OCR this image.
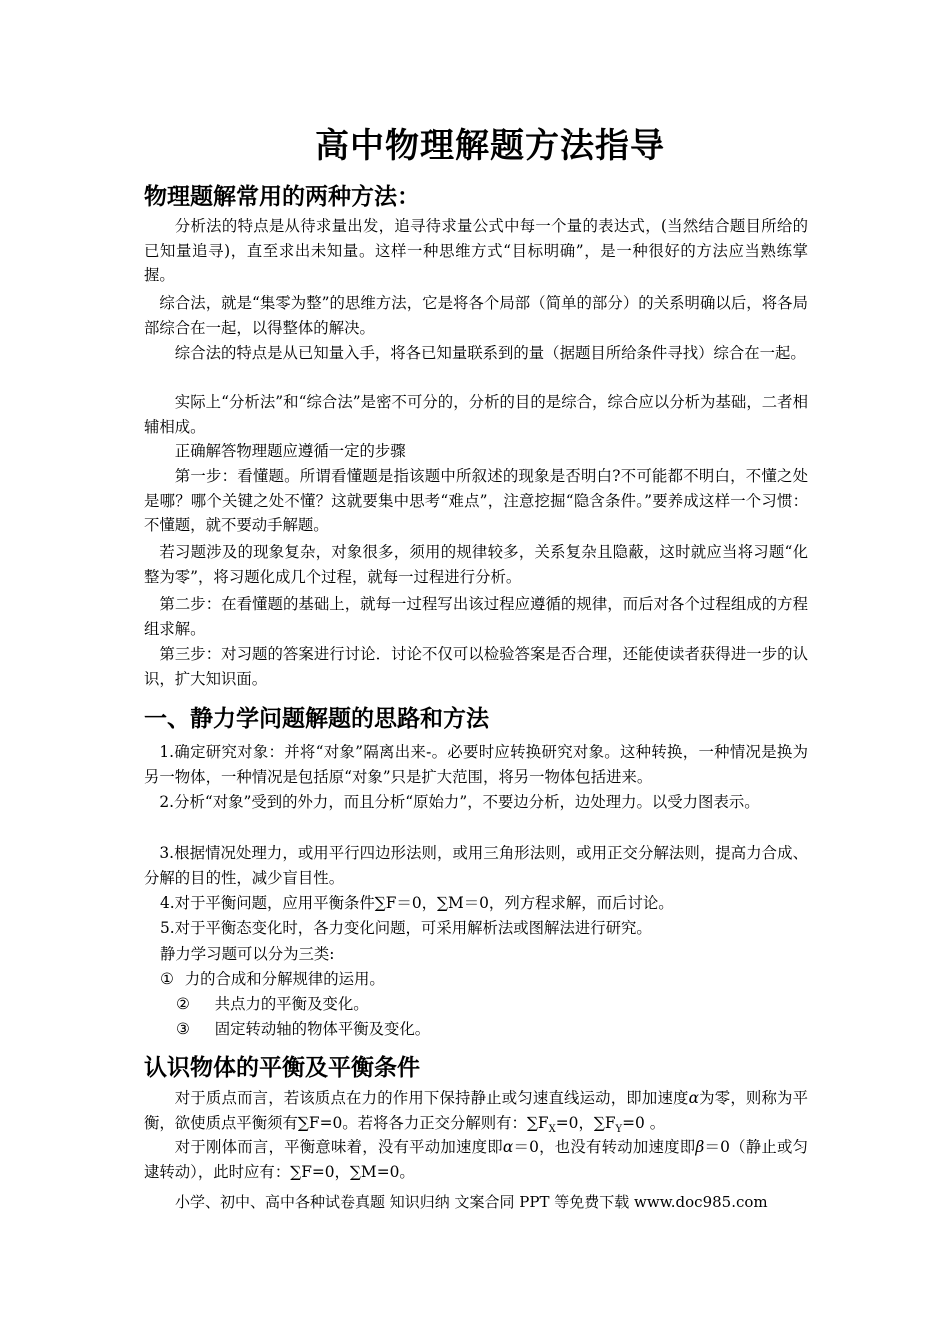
高中物理解题方法指导
物理题解常用的两种方法：
分析法的特点是从待求量出发，追寻待求量公式中每一个量的表达式，(当然结合题目所给的已知量追寻)，直至求出未知量。这样一种思维方式“目标明确”，是一种很好的方法应当熟练掌握。
综合法，就是“集零为整”的思维方法，它是将各个局部（简单的部分）的关系明确以后，将各局部综合在一起，以得整体的解决。
综合法的特点是从已知量入手，将各已知量联系到的量（据题目所给条件寻找）综合在一起。
实际上“分析法”和“综合法”是密不可分的，分析的目的是综合，综合应以分析为基础，二者相辅相成。
正确解答物理题应遵循一定的步骤
第一步：看懂题。所谓看懂题是指该题中所叙述的现象是否明白?不可能都不明白，不懂之处是哪？哪个关键之处不懂？这就要集中思考“难点”，注意挖掘“隐含条件。”要养成这样一个习惯：不懂题，就不要动手解题。
若习题涉及的现象复杂，对象很多，须用的规律较多，关系复杂且隐蔽，这时就应当将习题“化整为零”，将习题化成几个过程，就每一过程进行分析。
第二步：在看懂题的基础上，就每一过程写出该过程应遵循的规律，而后对各个过程组成的方程组求解。
第三步：对习题的答案进行讨论．讨论不仅可以检验答案是否合理，还能使读者获得进一步的认识，扩大知识面。
一、静力学问题解题的思路和方法
1.确定研究对象：并将“对象”隔离出来-。必要时应转换研究对象。这种转换，一种情况是换为另一物体，一种情况是包括原“对象”只是扩大范围，将另一物体包括进来。
2.分析“对象”受到的外力，而且分析“原始力”，不要边分析，边处理力。以受力图表示。
3.根据情况处理力，或用平行四边形法则，或用三角形法则，或用正交分解法则，提高力合成、分解的目的性，减少盲目性。
4.对于平衡问题，应用平衡条件∑F＝0，∑M＝0，列方程求解，而后讨论。
5.对于平衡态变化时，各力变化问题，可采用解析法或图解法进行研究。
静力学习题可以分为三类:
① 力的合成和分解规律的运用。
② 共点力的平衡及变化。
③ 固定转动轴的物体平衡及变化。
认识物体的平衡及平衡条件
对于质点而言，若该质点在力的作用下保持静止或匀速直线运动，即加速度α为零，则称为平衡，欲使质点平衡须有∑F=0。若将各力正交分解则有：$\sum F_X=0$，$\sum F_Y=0$ 。
对于刚体而言，平衡意味着，没有平动加速度即α＝0，也没有转动加速度即β＝0（静止或匀逮转动），此时应有：∑F=0，∑M=0。
小学、初中、高中各种试卷真题 知识归纳 文案合同 PPT 等免费下载 www.doc985.com
